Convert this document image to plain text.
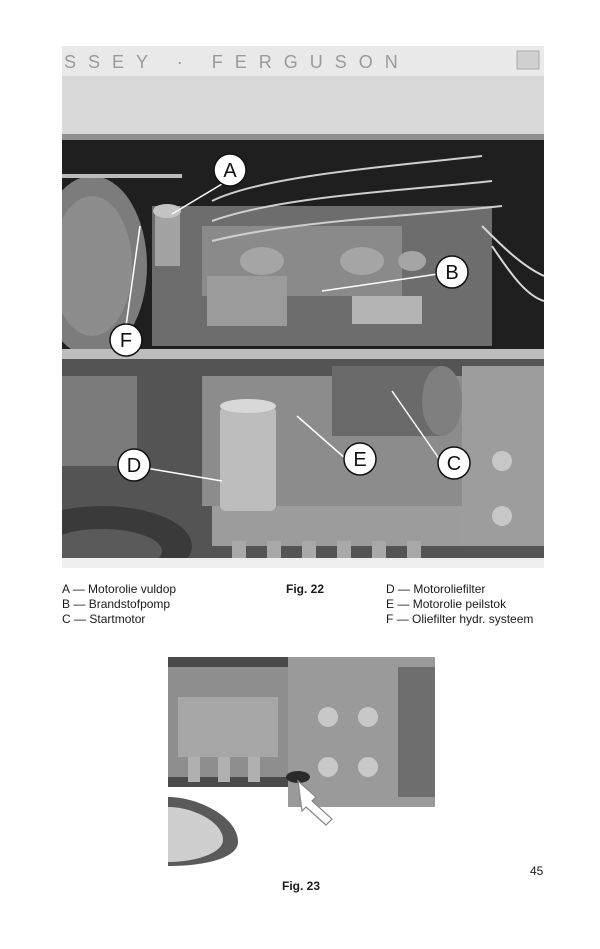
SSEY · FERGUSON
A
B
C
D	E
F
A — Motorolie vuldop
B — Brandstofpomp
C — Startmotor
Fig. 22	D — Motoroliefilter
E — Motorolie peilstok
F — Oliefilter hydr. systeem
Fig. 23
45
